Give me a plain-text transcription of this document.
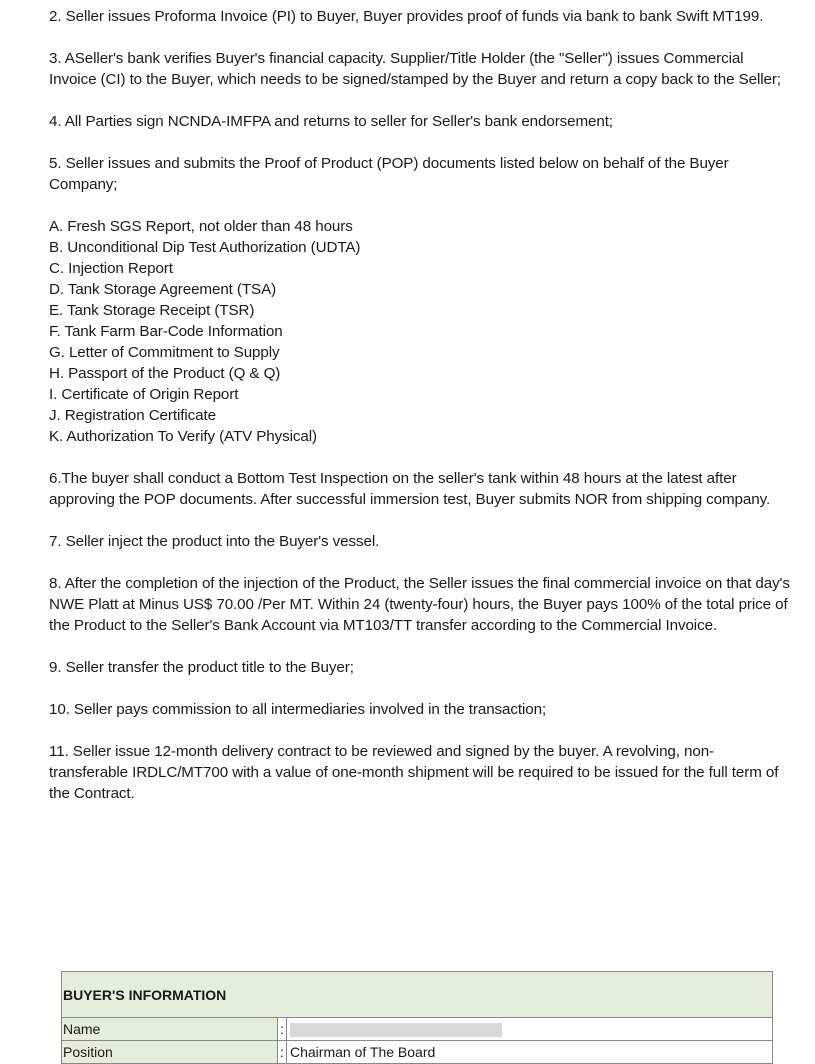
2. Seller issues Proforma Invoice (PI) to Buyer, Buyer provides proof of funds via bank to bank Swift MT199.

3. ASeller's bank verifies Buyer's financial capacity. Supplier/Title Holder (the "Seller") issues Commercial Invoice (CI) to the Buyer, which needs to be signed/stamped by the Buyer and return a copy back to the Seller;

4. All Parties sign NCNDA-IMFPA and returns to seller for Seller's bank endorsement;

5. Seller issues and submits the Proof of Product (POP) documents listed below on behalf of the Buyer Company;

A. Fresh SGS Report, not older than 48 hours
B. Unconditional Dip Test Authorization (UDTA)
C. Injection Report
D. Tank Storage Agreement (TSA)
E. Tank Storage Receipt (TSR)
F. Tank Farm Bar-Code Information
G. Letter of Commitment to Supply
H. Passport of the Product (Q & Q)
I. Certificate of Origin Report
J. Registration Certificate
K. Authorization To Verify (ATV Physical)

6.The buyer shall conduct a Bottom Test Inspection on the seller's tank within 48 hours at the latest after approving the POP documents. After successful immersion test, Buyer submits NOR from shipping company.

7. Seller inject the product into the Buyer's vessel.

8. After the completion of the injection of the Product, the Seller issues the final commercial invoice on that day's NWE Platt at Minus US$ 70.00 /Per MT. Within 24 (twenty-four) hours, the Buyer pays 100% of the total price of the Product to the Seller's Bank Account via MT103/TT transfer according to the Commercial Invoice.

9. Seller transfer the product title to the Buyer;

10. Seller pays commission to all intermediaries involved in the transaction;

11. Seller issue 12-month delivery contract to be reviewed and signed by the buyer. A revolving, non- transferable IRDLC/MT700 with a value of one-month shipment will be required to be issued for the full term of the Contract.

BUYER'S INFORMATION		
Name	:	
Position	:	Chairman of The Board
